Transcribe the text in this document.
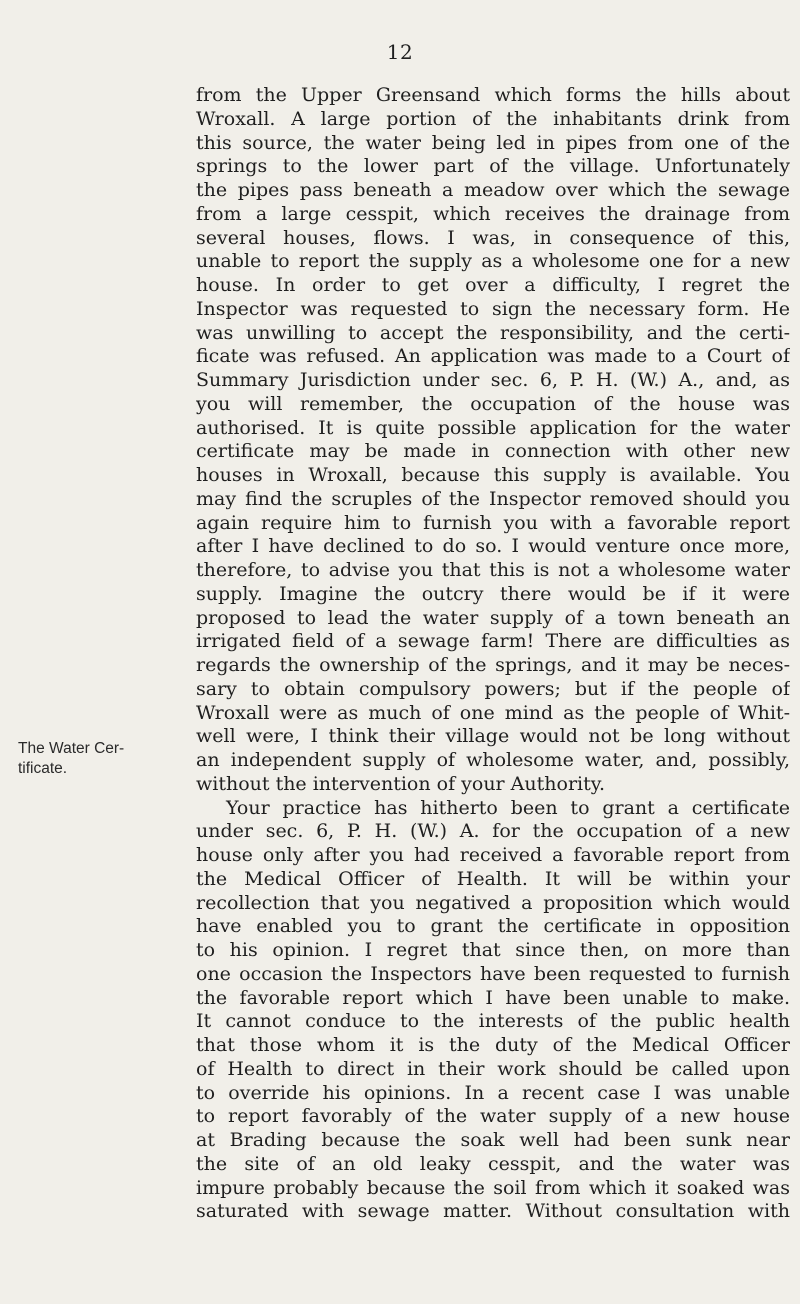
12
The Water Cer-
tificate.
from the Upper Greensand which forms the hills about
Wroxall. A large portion of the inhabitants drink from
this source, the water being led in pipes from one of the
springs to the lower part of the village. Unfortunately
the pipes pass beneath a meadow over which the sewage
from a large cesspit, which receives the drainage from
several houses, flows. I was, in consequence of this,
unable to report the supply as a wholesome one for a new
house. In order to get over a difficulty, I regret the
Inspector was requested to sign the necessary form. He
was unwilling to accept the responsibility, and the certi-
ficate was refused. An application was made to a Court of
Summary Jurisdiction under sec. 6, P. H. (W.) A., and, as
you will remember, the occupation of the house was
authorised. It is quite possible application for the water
certificate may be made in connection with other new
houses in Wroxall, because this supply is available. You
may find the scruples of the Inspector removed should you
again require him to furnish you with a favorable report
after I have declined to do so. I would venture once more,
therefore, to advise you that this is not a wholesome water
supply. Imagine the outcry there would be if it were
proposed to lead the water supply of a town beneath an
irrigated field of a sewage farm! There are difficulties as
regards the ownership of the springs, and it may be neces-
sary to obtain compulsory powers; but if the people of
Wroxall were as much of one mind as the people of Whit-
well were, I think their village would not be long without
an independent supply of wholesome water, and, possibly,
without the intervention of your Authority.
Your practice has hitherto been to grant a certificate
under sec. 6, P. H. (W.) A. for the occupation of a new
house only after you had received a favorable report from
the Medical Officer of Health. It will be within your
recollection that you negatived a proposition which would
have enabled you to grant the certificate in opposition
to his opinion. I regret that since then, on more than
one occasion the Inspectors have been requested to furnish
the favorable report which I have been unable to make.
It cannot conduce to the interests of the public health
that those whom it is the duty of the Medical Officer
of Health to direct in their work should be called upon
to override his opinions. In a recent case I was unable
to report favorably of the water supply of a new house
at Brading because the soak well had been sunk near
the site of an old leaky cesspit, and the water was
impure probably because the soil from which it soaked was
saturated with sewage matter. Without consultation with
